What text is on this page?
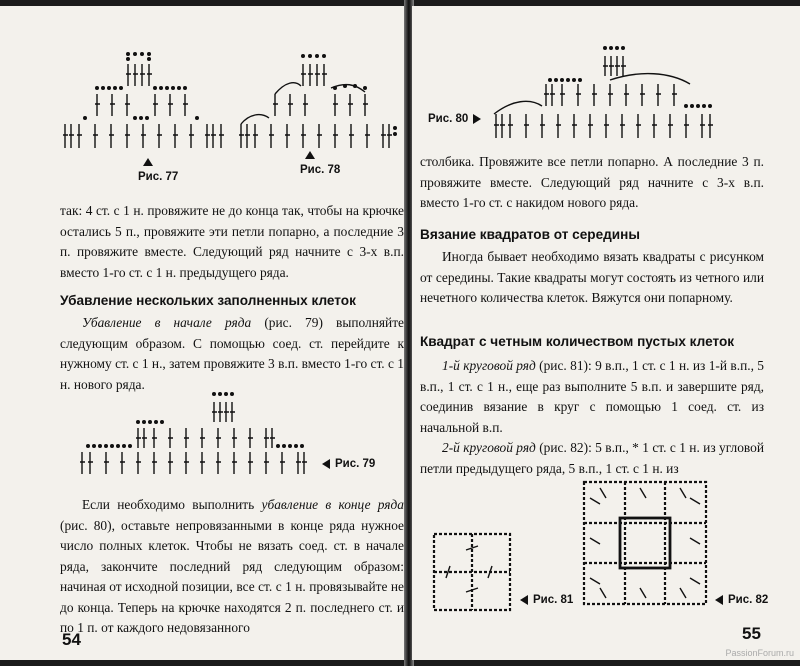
Рис. 77
Рис. 78

так: 4 ст. с 1 н. провяжите не до конца так, чтобы на крючке остались 5 п., провяжите эти петли попарно, а последние 3 п. провяжите вместе. Следующий ряд начните с 3-х в.п. вместо 1-го ст. с 1 н. предыдущего ряда.

Убавление нескольких заполненных клеток

Убавление в начале ряда (рис. 79) выполняйте следующим образом. С помощью соед. ст. перейдите к нужному ст. с 1 н., затем провяжите 3 в.п. вместо 1-го ст. с 1 н. нового ряда.

Рис. 79

Если необходимо выполнить убавление в конце ряда (рис. 80), оставьте непровязанными в конце ряда нужное число полных клеток. Чтобы не вязать соед. ст. в начале ряда, закончите последний ряд следующим образом: начиная от исходной позиции, все ст. с 1 н. провязывайте не до конца. Теперь на крючке находятся 2 п. последнего ст. и по 1 п. от каждого недовязанного

54
Рис. 80

столбика. Провяжите все петли попарно. А последние 3 п. провяжите вместе. Следующий ряд начните с 3-х в.п. вместо 1-го ст. с накидом нового ряда.

Вязание квадратов от середины

Иногда бывает необходимо вязать квадраты с рисунком от середины. Такие квадраты могут состоять из четного или нечетного количества клеток. Вяжутся они попарному.

Квадрат с четным количеством пустых клеток

1-й круговой ряд (рис. 81): 9 в.п., 1 ст. с 1 н. из 1-й в.п., 5 в.п., 1 ст. с 1 н., еще раз выполните 5 в.п. и завершите ряд, соединив вязание в круг с помощью 1 соед. ст. из начальной в.п.

2-й круговой ряд (рис. 82): 5 в.п., * 1 ст. с 1 н. из угловой петли предыдущего ряда, 5 в.п., 1 ст. с 1 н. из

Рис. 81	Рис. 82
55
PassionForum.ru
